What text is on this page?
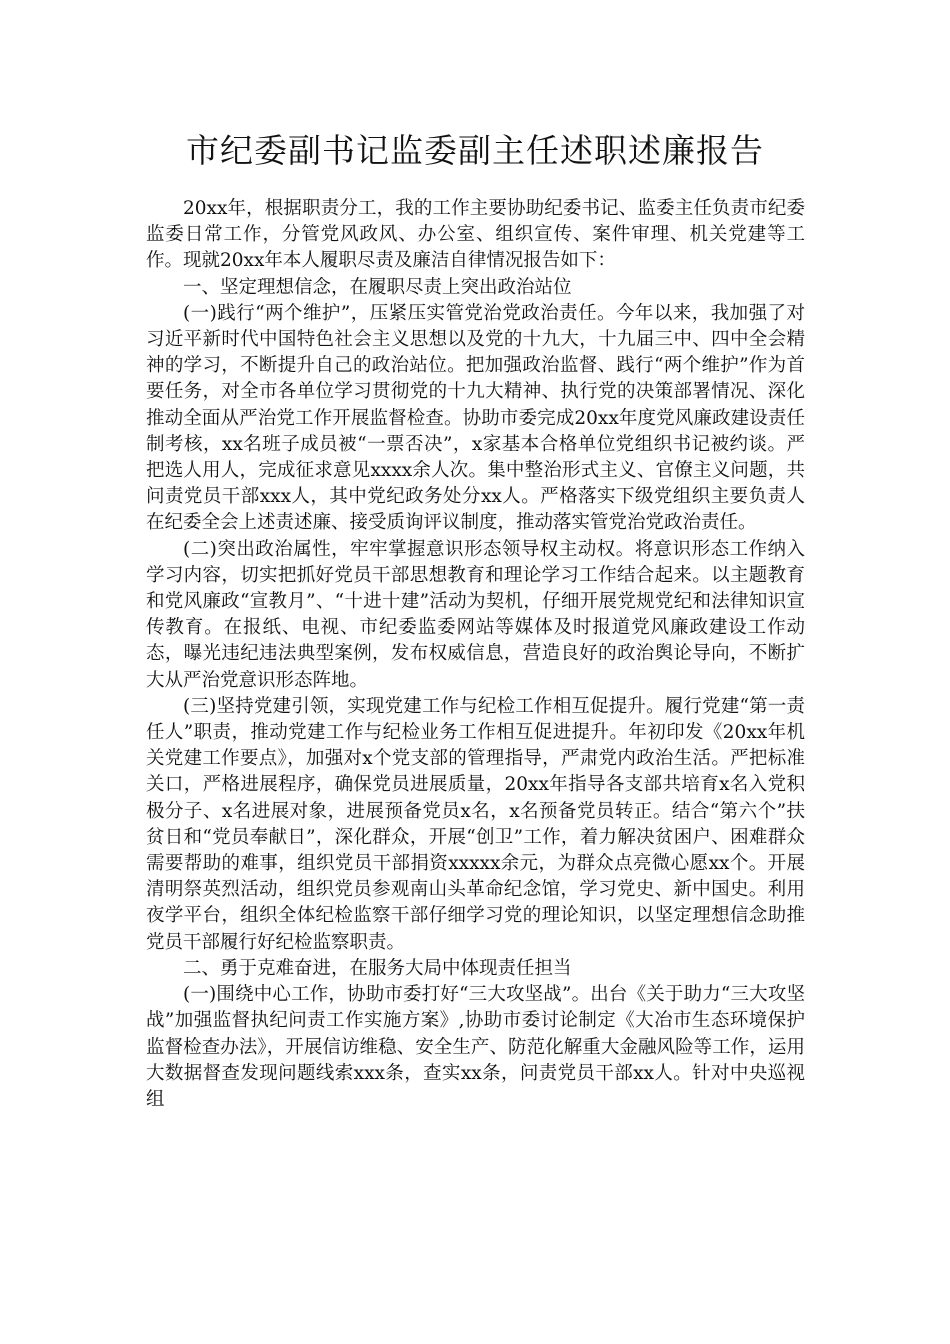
市纪委副书记监委副主任述职述廉报告

20xx年，根据职责分工，我的工作主要协助纪委书记、监委主任负责市纪委监委日常工作，分管党风政风、办公室、组织宣传、案件审理、机关党建等工作。现就20xx年本人履职尽责及廉洁自律情况报告如下：

一、坚定理想信念，在履职尽责上突出政治站位

(一)践行“两个维护”，压紧压实管党治党政治责任。今年以来，我加强了对习近平新时代中国特色社会主义思想以及党的十九大，十九届三中、四中全会精神的学习，不断提升自己的政治站位。把加强政治监督、践行“两个维护”作为首要任务，对全市各单位学习贯彻党的十九大精神、执行党的决策部署情况、深化推动全面从严治党工作开展监督检查。协助市委完成20xx年度党风廉政建设责任制考核，xx名班子成员被“一票否决”，x家基本合格单位党组织书记被约谈。严把选人用人，完成征求意见xxxx余人次。集中整治形式主义、官僚主义问题，共问责党员干部xxx人，其中党纪政务处分xx人。严格落实下级党组织主要负责人在纪委全会上述责述廉、接受质询评议制度，推动落实管党治党政治责任。

(二)突出政治属性，牢牢掌握意识形态领导权主动权。将意识形态工作纳入学习内容，切实把抓好党员干部思想教育和理论学习工作结合起来。以主题教育和党风廉政“宣教月”、“十进十建”活动为契机，仔细开展党规党纪和法律知识宣传教育。在报纸、电视、市纪委监委网站等媒体及时报道党风廉政建设工作动态，曝光违纪违法典型案例，发布权威信息，营造良好的政治舆论导向，不断扩大从严治党意识形态阵地。

(三)坚持党建引领，实现党建工作与纪检工作相互促提升。履行党建“第一责任人”职责，推动党建工作与纪检业务工作相互促进提升。年初印发《20xx年机关党建工作要点》，加强对x个党支部的管理指导，严肃党内政治生活。严把标准关口，严格进展程序，确保党员进展质量，20xx年指导各支部共培育x名入党积极分子、x名进展对象，进展预备党员x名，x名预备党员转正。结合“第六个”扶贫日和“党员奉献日”，深化群众，开展“创卫”工作，着力解决贫困户、困难群众需要帮助的难事，组织党员干部捐资xxxxx余元，为群众点亮微心愿xx个。开展清明祭英烈活动，组织党员参观南山头革命纪念馆，学习党史、新中国史。利用夜学平台，组织全体纪检监察干部仔细学习党的理论知识，以坚定理想信念助推党员干部履行好纪检监察职责。

二、勇于克难奋进，在服务大局中体现责任担当

(一)围绕中心工作，协助市委打好“三大攻坚战”。出台《关于助力“三大攻坚战”加强监督执纪问责工作实施方案》,协助市委讨论制定《大冶市生态环境保护监督检查办法》，开展信访维稳、安全生产、防范化解重大金融风险等工作，运用大数据督查发现问题线索xxx条，查实xx条，问责党员干部xx人。针对中央巡视组
